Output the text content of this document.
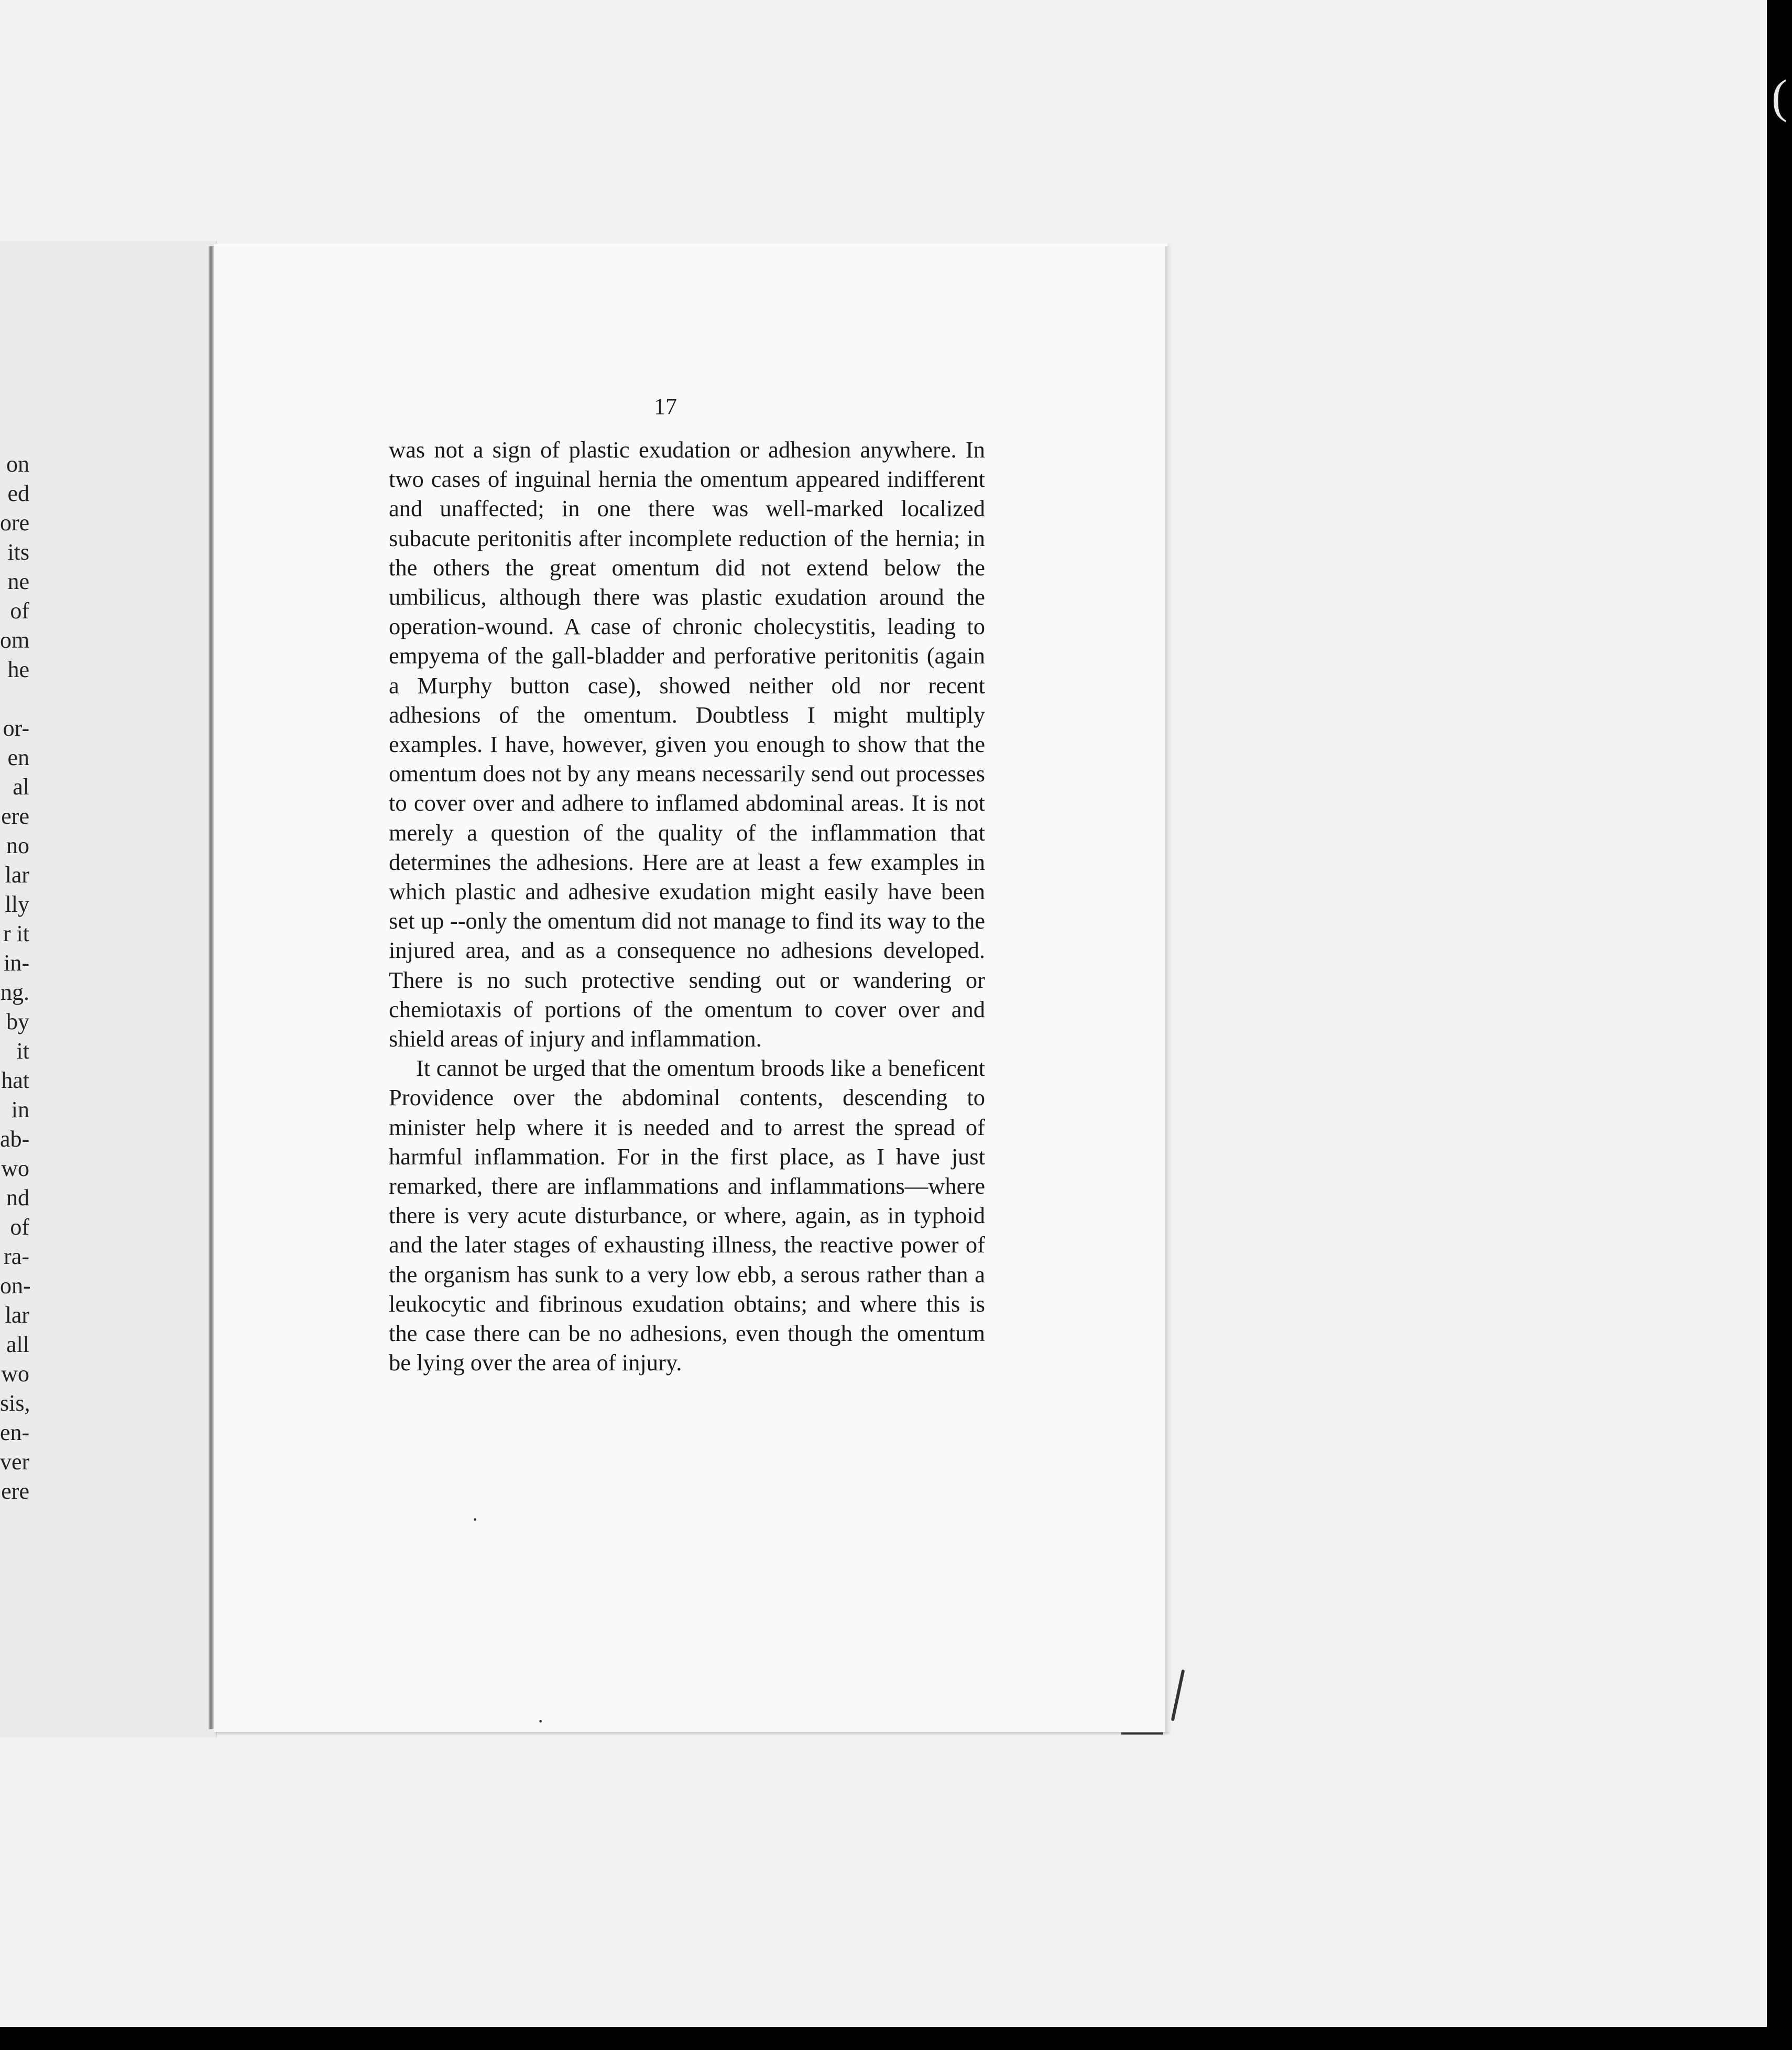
on
ed
ore
its
ne
of
om
he
or-
en
al
ere
no
lar
lly
r it
in-
ng.
by
it
hat
in
ab-
wo
nd
of
ra-
on-
lar
all
wo
sis,
en-
ver
ere
17

was not a sign of plastic exudation or adhesion anywhere. In two cases of inguinal hernia the omentum appeared indifferent and unaffected; in one there was well-marked localized subacute peritonitis after incomplete reduction of the hernia; in the others the great omentum did not extend below the umbilicus, although there was plastic exudation around the operation-wound. A case of chronic cholecystitis, leading to empyema of the gall-bladder and perforative peritonitis (again a Murphy button case), showed neither old nor recent adhesions of the omentum. Doubtless I might multiply examples. I have, however, given you enough to show that the omentum does not by any means necessarily send out processes to cover over and adhere to inflamed abdominal areas. It is not merely a question of the quality of the inflammation that determines the adhesions. Here are at least a few examples in which plastic and adhesive exudation might easily have been set up --only the omentum did not manage to find its way to the injured area, and as a consequence no adhesions developed. There is no such protective sending out or wandering or chemiotaxis of portions of the omentum to cover over and shield areas of injury and inflammation.

It cannot be urged that the omentum broods like a beneficent Providence over the abdominal contents, descending to minister help where it is needed and to arrest the spread of harmful inflammation. For in the first place, as I have just remarked, there are inflammations and inflammations—where there is very acute disturbance, or where, again, as in typhoid and the later stages of exhausting illness, the reactive power of the organism has sunk to a very low ebb, a serous rather than a leukocytic and fibrinous exudation obtains; and where this is the case there can be no adhesions, even though the omentum be lying over the area of injury.

·
·
(
